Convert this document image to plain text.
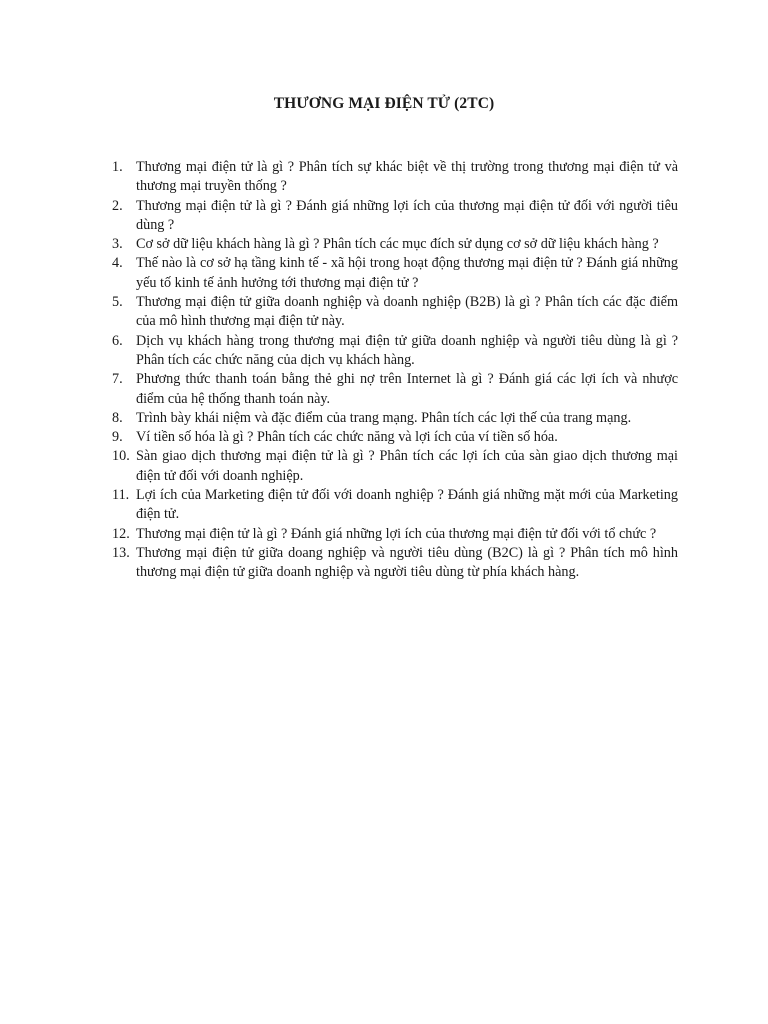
THƯƠNG MẠI ĐIỆN TỬ (2TC)
1. Thương mại điện tử là gì ? Phân tích sự khác biệt về thị trường trong thương mại điện tử và thương mại truyền thống ?
2. Thương mại điện tử là gì ? Đánh giá những lợi ích của thương mại điện tử đối với người tiêu dùng ?
3. Cơ sở dữ liệu khách hàng là gì ? Phân tích các mục đích sử dụng cơ sở dữ liệu khách hàng ?
4. Thế nào là cơ sở hạ tầng kinh tế - xã hội trong hoạt động thương mại điện tử ? Đánh giá những yếu tố kinh tế ảnh hưởng tới thương mại điện tử ?
5. Thương mại điện tử giữa doanh nghiệp và doanh nghiệp (B2B) là gì ? Phân tích các đặc điểm của mô hình thương mại điện tử này.
6. Dịch vụ khách hàng trong thương mại điện tử giữa doanh nghiệp và người tiêu dùng là gì ? Phân tích các chức năng của dịch vụ khách hàng.
7. Phương thức thanh toán bằng thẻ ghi nợ trên Internet là gì ? Đánh giá các lợi ích và nhược điểm của hệ thống thanh toán này.
8. Trình bày khái niệm và đặc điểm của trang mạng. Phân tích các lợi thế của trang mạng.
9. Ví tiền số hóa là gì ? Phân tích các chức năng và lợi ích của ví tiền số hóa.
10. Sàn giao dịch thương mại điện tử là gì ? Phân tích các lợi ích của sàn giao dịch thương mại điện tử đối với doanh nghiệp.
11. Lợi ích của Marketing điện tử đối với doanh nghiệp ? Đánh giá những mặt mới của Marketing điện tử.
12. Thương mại điện tử là gì ? Đánh giá những lợi ích của thương mại điện tử đối với tổ chức ?
13. Thương mại điện tử giữa doang nghiệp và người tiêu dùng (B2C) là gì ? Phân tích mô hình thương mại điện tử giữa doanh nghiệp và người tiêu dùng từ phía khách hàng.
